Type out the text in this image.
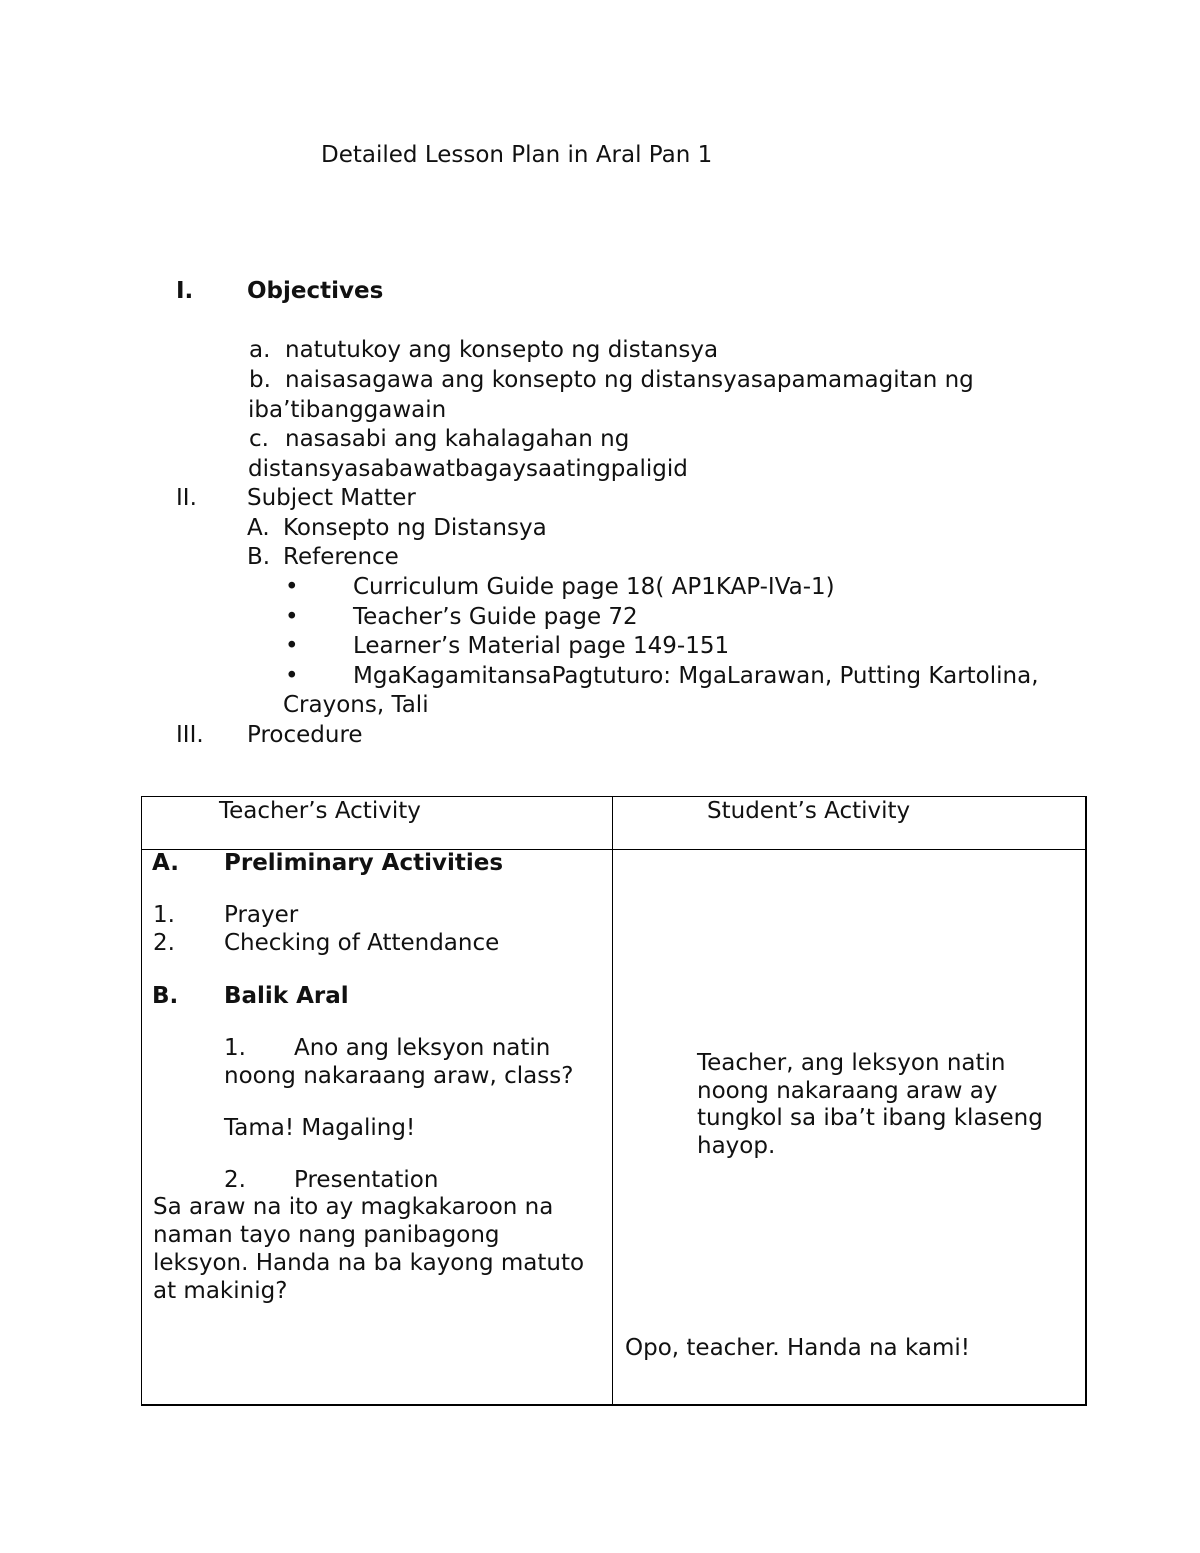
Detailed Lesson Plan in Aral Pan 1
I. Objectives
a. natutukoy ang konsepto ng distansya
b. naisasagawa ang konsepto ng distansyasapamamagitan ng
iba’tibanggawain
c. nasasabi ang kahalagahan ng
distansyasabawatbagaysaatingpaligid
II. Subject Matter
A. Konsepto ng Distansya
B. Reference
• Curriculum Guide page 18( AP1KAP-IVa-1)
• Teacher’s Guide page 72
• Learner’s Material page 149-151
• MgaKagamitansaPagtuturo: MgaLarawan, Putting Kartolina,
Crayons, Tali
III. Procedure
Teacher’s Activity	Student’s Activity
A. Preliminary Activities
1. Prayer
2. Checking of Attendance
B. Balik Aral
1. Ano ang leksyon natin
noong nakaraang araw, class?
Tama! Magaling!
2. Presentation
Sa araw na ito ay magkakaroon na
naman tayo nang panibagong
leksyon. Handa na ba kayong matuto
at makinig?
Teacher, ang leksyon natin
noong nakaraang araw ay
tungkol sa iba’t ibang klaseng
hayop.
Opo, teacher. Handa na kami!
